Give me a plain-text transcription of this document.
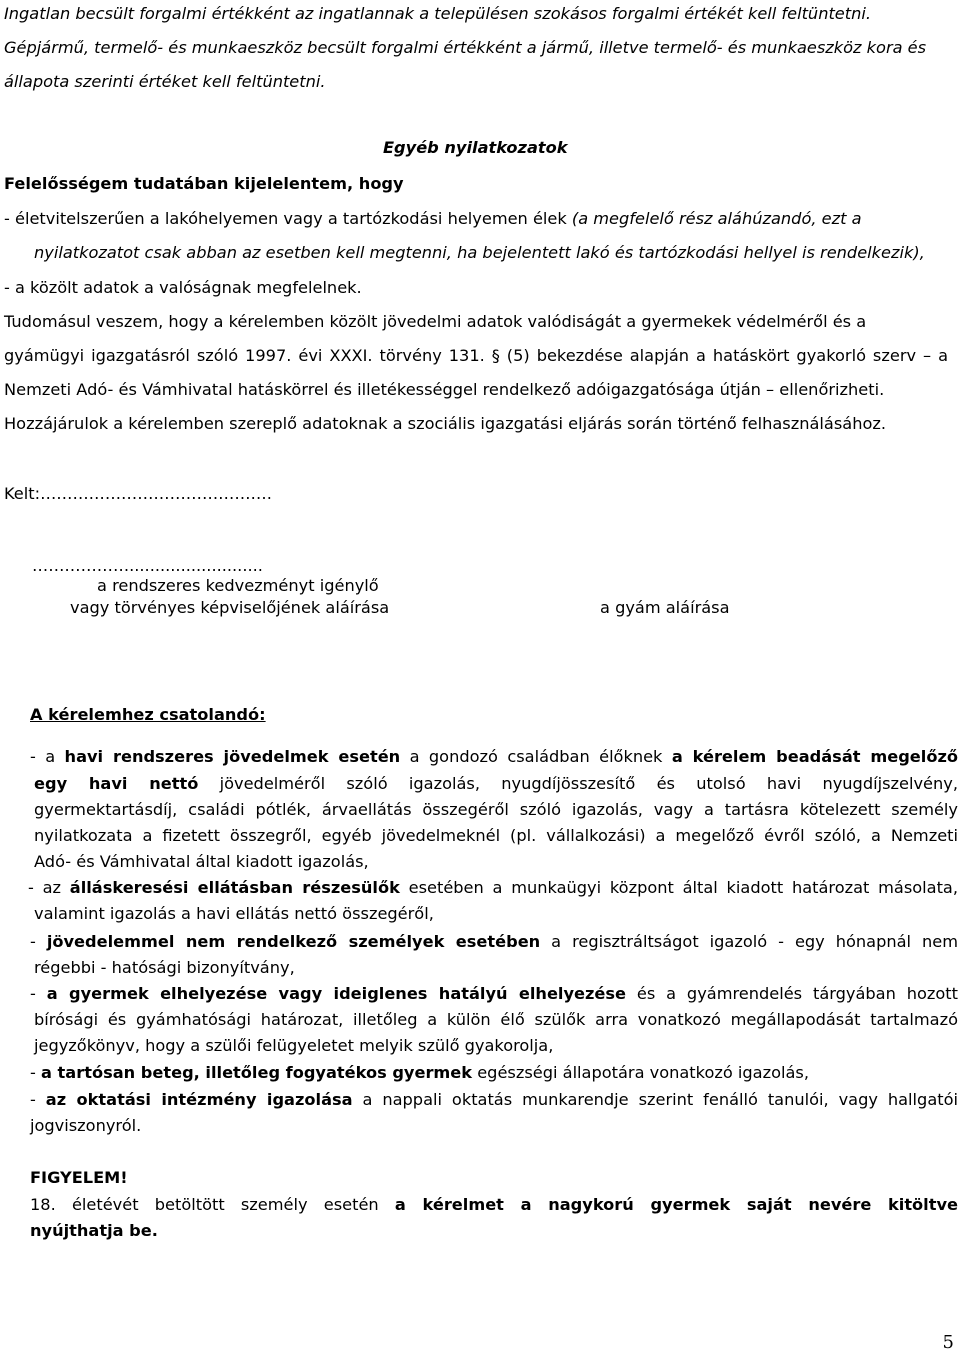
Ingatlan becsült forgalmi értékként az ingatlannak a településen szokásos forgalmi értékét kell feltüntetni.
Gépjármű, termelő- és munkaeszköz becsült forgalmi értékként a jármű, illetve termelő- és munkaeszköz kora és
állapota szerinti értéket kell feltüntetni.
Egyéb nyilatkozatok
Felelősségem tudatában kijelelentem, hogy
- életvitelszerűen a lakóhelyemen vagy a tartózkodási helyemen élek (a megfelelő rész aláhúzandó, ezt a
nyilatkozatot csak abban az esetben kell megtenni, ha bejelentett lakó és tartózkodási hellyel is rendelkezik),
- a közölt adatok a valóságnak megfelelnek.
Tudomásul veszem, hogy a kérelemben közölt jövedelmi adatok valódiságát a gyermekek védelméről és a
gyámügyi igazgatásról szóló 1997. évi XXXI. törvény 131. § (5) bekezdése alapján a hatáskört gyakorló szerv – a
Nemzeti Adó- és Vámhivatal hatáskörrel és illetékességgel rendelkező adóigazgatósága útján – ellenőrizheti.
Hozzájárulok a kérelemben szereplő adatoknak a szociális igazgatási eljárás során történő felhasználásához.
Kelt:…………………………………….
………………..........................
a rendszeres kedvezményt igénylő
vagy törvényes képviselőjének aláírása	a gyám aláírása
A kérelemhez csatolandó:
- a havi rendszeres jövedelmek esetén a gondozó családban élőknek a kérelem beadását megelőző
egy havi nettó jövedelméről szóló igazolás, nyugdíjösszesítő és utolsó havi nyugdíjszelvény,
gyermektartásdíj, családi pótlék, árvaellátás összegéről szóló igazolás, vagy a tartásra kötelezett személy
nyilatkozata a fizetett összegről, egyéb jövedelmeknél (pl. vállalkozási) a megelőző évről szóló, a Nemzeti
Adó- és Vámhivatal által kiadott igazolás,
- az álláskeresési ellátásban részesülők esetében a munkaügyi központ által kiadott határozat másolata,
valamint igazolás a havi ellátás nettó összegéről,
- jövedelemmel nem rendelkező személyek esetében a regisztráltságot igazoló - egy hónapnál nem
régebbi - hatósági bizonyítvány,
- a gyermek elhelyezése vagy ideiglenes hatályú elhelyezése és a gyámrendelés tárgyában hozott
bírósági és gyámhatósági határozat, illetőleg a külön élő szülők arra vonatkozó megállapodását tartalmazó
jegyzőkönyv, hogy a szülői felügyeletet melyik szülő gyakorolja,
- a tartósan beteg, illetőleg fogyatékos gyermek egészségi állapotára vonatkozó igazolás,
- az oktatási intézmény igazolása a nappali oktatás munkarendje szerint fenálló tanulói, vagy hallgatói
jogviszonyról.
FIGYELEM!
18. életévét betöltött személy esetén a kérelmet a nagykorú gyermek saját nevére kitöltve
nyújthatja be.
5
